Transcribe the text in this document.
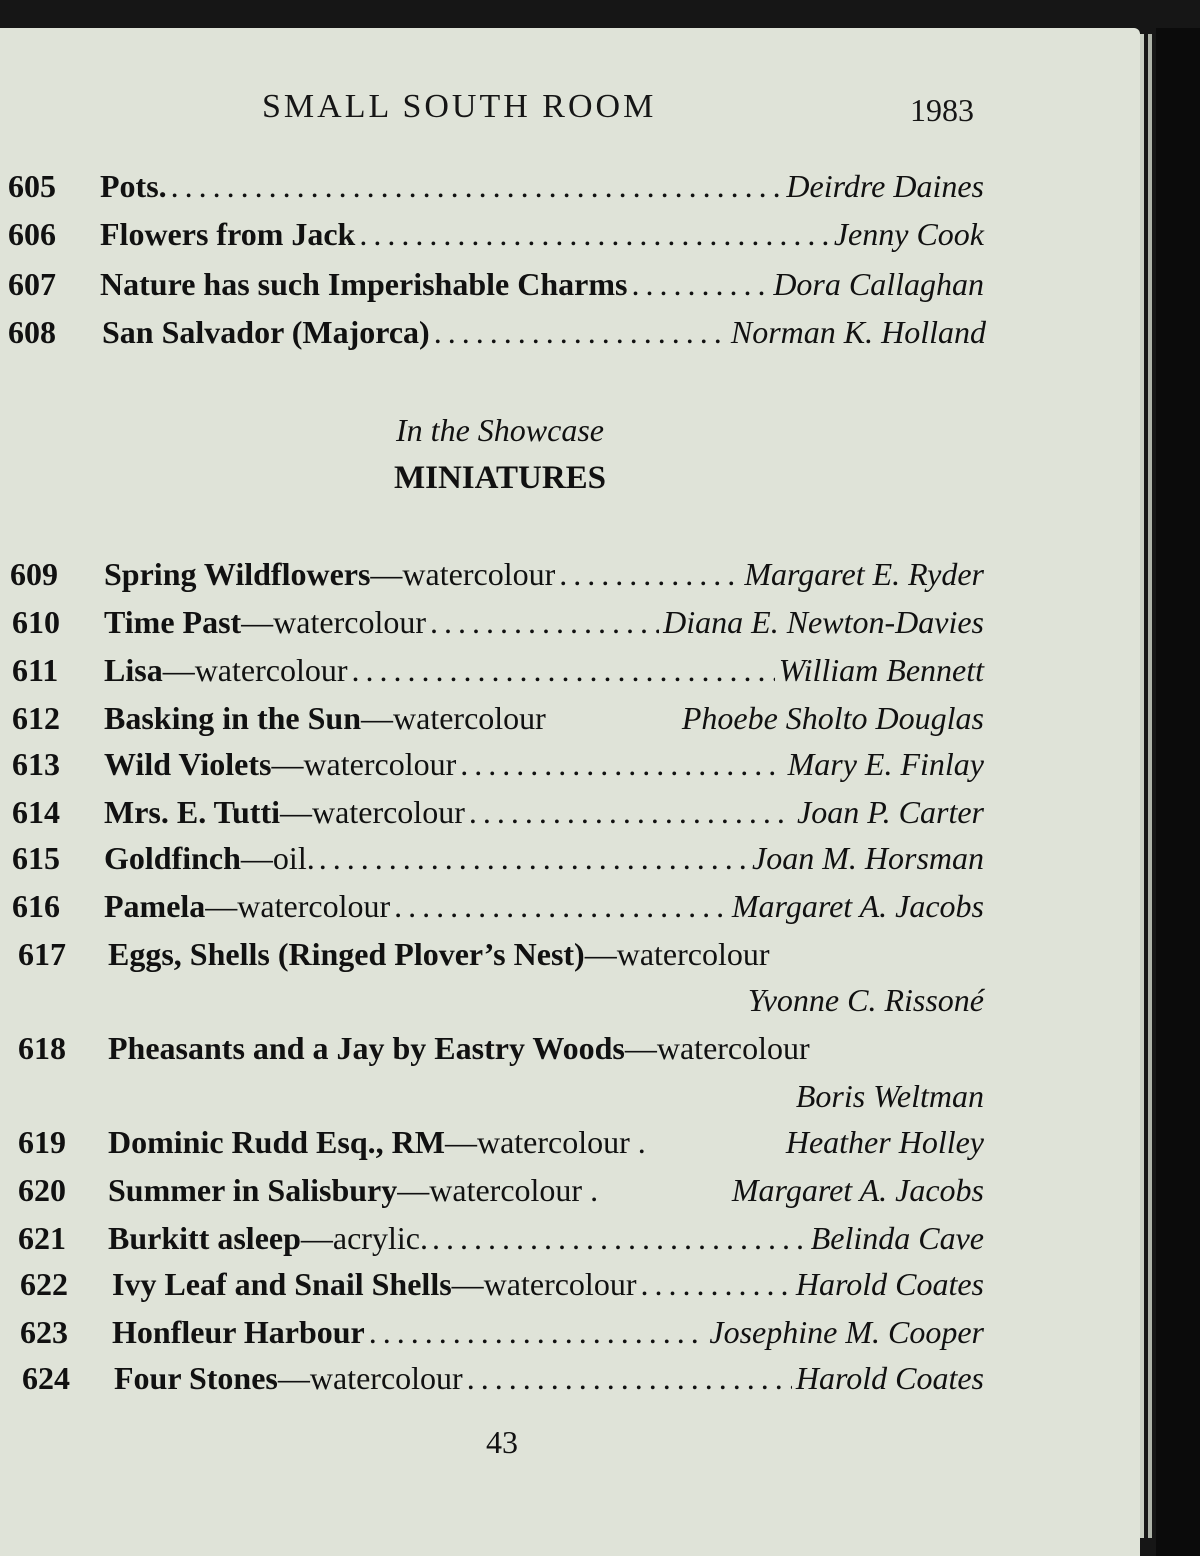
SMALL SOUTH ROOM	1983
605	Pots. . . .	Deirdre Daines
606	Flowers from Jack . . .	Jenny Cook
607	Nature has such Imperishable Charms . . .	Dora Callaghan
608	San Salvador (Majorca) . . .	Norman K. Holland
In the Showcase
MINIATURES
609	Spring Wildflowers —watercolour . . .	Margaret E. Ryder
610	Time Past —watercolour . . .	Diana E. Newton-Davies
611	Lisa —watercolour . . .	William Bennett
612	Basking in the Sun —watercolour	Phoebe Sholto Douglas
613	Wild Violets —watercolour . . .	Mary E. Finlay
614	Mrs. E. Tutti —watercolour . . .	Joan P. Carter
615	Goldfinch —oil. . . .	Joan M. Horsman
616	Pamela —watercolour . . .	Margaret A. Jacobs
617	Eggs, Shells (Ringed Plover’s Nest) —watercolour
Yvonne C. Rissoné
618	Pheasants and a Jay by Eastry Woods —watercolour
Boris Weltman
619	Dominic Rudd Esq., RM —watercolour .	Heather Holley
620	Summer in Salisbury —watercolour .	Margaret A. Jacobs
621	Burkitt asleep —acrylic. . . .	Belinda Cave
622	Ivy Leaf and Snail Shells —watercolour . . .	Harold Coates
623	Honfleur Harbour . . .	Josephine M. Cooper
624	Four Stones —watercolour . . .	Harold Coates
43
